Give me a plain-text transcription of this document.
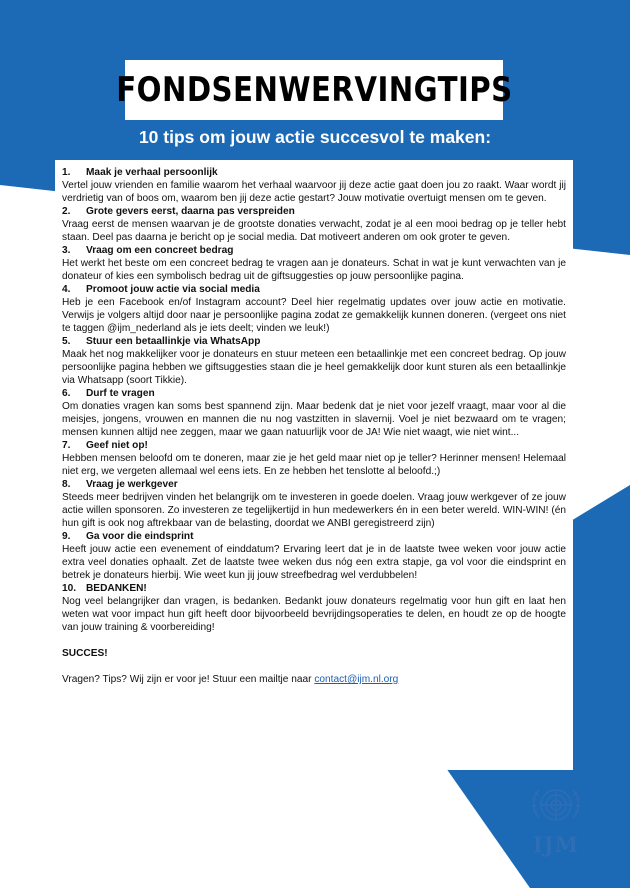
FONDSENWERVINGTIPS
10 tips om jouw actie succesvol te maken:
1. Maak je verhaal persoonlijk
Vertel jouw vrienden en familie waarom het verhaal waarvoor jij deze actie gaat doen jou zo raakt. Waar wordt jij verdrietig van of boos om, waarom ben jij deze actie gestart? Jouw motivatie overtuigt mensen om te geven.
2. Grote gevers eerst, daarna pas verspreiden
Vraag eerst de mensen waarvan je de grootste donaties verwacht, zodat je al een mooi bedrag op je teller hebt staan. Deel pas daarna je bericht op je social media. Dat motiveert anderen om ook groter te geven.
3. Vraag om een concreet bedrag
Het werkt het beste om een concreet bedrag te vragen aan je donateurs. Schat in wat je kunt verwachten van je donateur of kies een symbolisch bedrag uit de giftsuggesties op jouw persoonlijke pagina.
4. Promoot jouw actie via social media
Heb je een Facebook en/of Instagram account? Deel hier regelmatig updates over jouw actie en motivatie. Verwijs je volgers altijd door naar je persoonlijke pagina zodat ze gemakkelijk kunnen doneren. (vergeet ons niet te taggen @ijm_nederland als je iets deelt; vinden we leuk!)
5. Stuur een betaallinkje via WhatsApp
Maak het nog makkelijker voor je donateurs en stuur meteen een betaallinkje met een concreet bedrag. Op jouw persoonlijke pagina hebben we giftsuggesties staan die je heel gemakkelijk door kunt sturen als een betaallinkje via Whatsapp (soort Tikkie).
6. Durf te vragen
Om donaties vragen kan soms best spannend zijn. Maar bedenk dat je niet voor jezelf vraagt, maar voor al die meisjes, jongens, vrouwen en mannen die nu nog vastzitten in slavernij. Voel je niet bezwaard om te vragen; mensen kunnen altijd nee zeggen, maar we gaan natuurlijk voor de JA! Wie niet waagt, wie niet wint...
7. Geef niet op!
Hebben mensen beloofd om te doneren, maar zie je het geld maar niet op je teller? Herinner mensen! Helemaal niet erg, we vergeten allemaal wel eens iets. En ze hebben het tenslotte al beloofd.;)
8. Vraag je werkgever
Steeds meer bedrijven vinden het belangrijk om te investeren in goede doelen. Vraag jouw werkgever of ze jouw actie willen sponsoren. Zo investeren ze tegelijkertijd in hun medewerkers én in een beter wereld. WIN-WIN! (én hun gift is ook nog aftrekbaar van de belasting, doordat we ANBI geregistreerd zijn)
9. Ga voor die eindsprint
Heeft jouw actie een evenement of einddatum? Ervaring leert dat je in de laatste twee weken voor jouw actie extra veel donaties ophaalt. Zet de laatste twee weken dus nóg een extra stapje, ga vol voor die eindsprint en betrek je donateurs hierbij. Wie weet kun jij jouw streefbedrag wel verdubbelen!
10. BEDANKEN!
Nog veel belangrijker dan vragen, is bedanken. Bedankt jouw donateurs regelmatig voor hun gift en laat hen weten wat voor impact hun gift heeft door bijvoorbeeld bevrijdingsoperaties te delen, en houdt ze op de hoogte van jouw training & voorbereiding!
SUCCES!
Vragen? Tips? Wij zijn er voor je! Stuur een mailtje naar contact@ijm.nl.org
IJM
